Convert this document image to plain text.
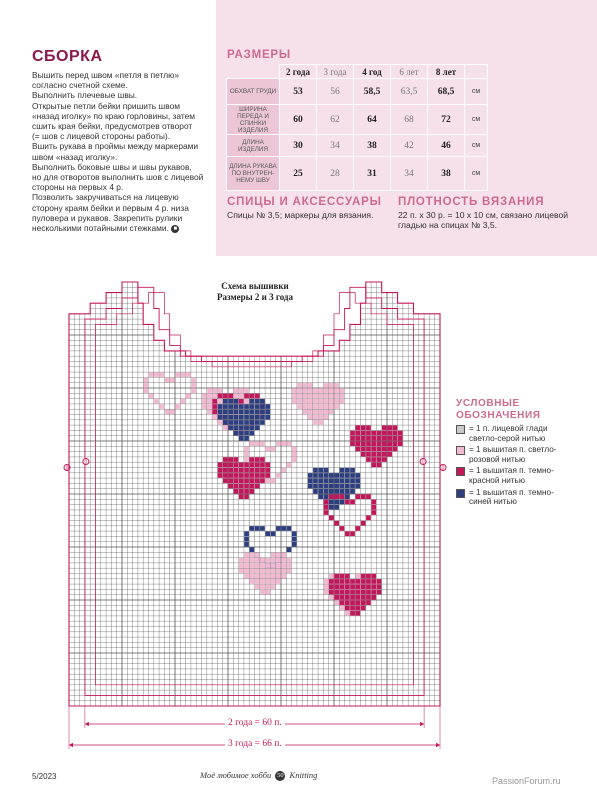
СБОРКА

Вышить перед швом «петля в петлю»

согласно счетной схеме.

Выполнить плечевые швы.

Открытые петли бейки пришить швом

«назад иголку» по краю горловины, затем

сшить края бейки, предусмотрев отворот

(= шов с лицевой стороны работы).

Вшить рукава в проймы между маркерами

швом «назад иголку».

Выполнить боковые швы и швы рукавов,

но для отворотов выполнить шов с лицевой

стороны на первых 4 р.

Позволить закручиваться на лицевую

сторону краям бейки и первым 4 р. низа

пуловера и рукавов. Закрепить рулики

несколькими потайными стежками. ■

РАЗМЕРЫ
	2 года	3 года	4 год	6 лет	8 лет	
ОБХВАТ ГРУДИ	53	56	58,5	63,5	68,5	см
ШИРИНА ПЕРЕДА И СПИНКИ ИЗДЕЛИЯ	60	62	64	68	72	см
ДЛИНА ИЗДЕЛИЯ	30	34	38	42	46	см
ДЛИНА РУКАВА ПО ВНУТРЕН-НЕМУ ШВУ	25	28	31	34	38	см
СПИЦЫ И АКСЕССУАРЫ
Спицы № 3,5; маркеры для вязания.
ПЛОТНОСТЬ ВЯЗАНИЯ
22 п. х 30 р. = 10 х 10 см, связано лицевой
гладью на спицах № 3,5.
0
0
0
0
Схема вышивки
Размеры 2 и 3 года
2 года = 60 п.
3 года = 66 п.
УСЛОВНЫЕ
ОБОЗНАЧЕНИЯ
= 1 п. лицевой глади
светло-серой нитью
= 1 вышитая п. светло-
розовой нитью
= 1 вышитая п. темно-
красной нитью
= 1 вышитая п. темно-
синей нитью
5/2023	Моё любимое хобби 50 Knitting
PassionForum.ru
